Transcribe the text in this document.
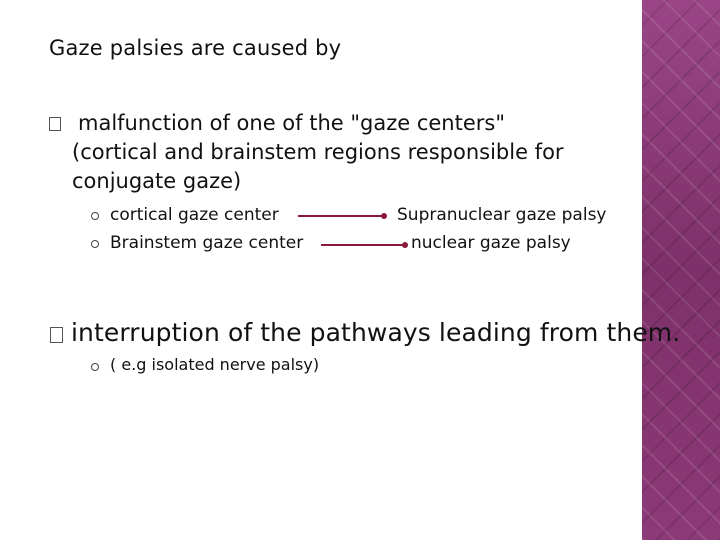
Gaze palsies are caused by
malfunction of one of the "gaze centers"
(cortical and brainstem regions responsible for
conjugate gaze)
cortical gaze center	Supranuclear gaze palsy
Brainstem gaze center	nuclear gaze palsy
interruption of the pathways leading from them.
( e.g isolated nerve palsy)
